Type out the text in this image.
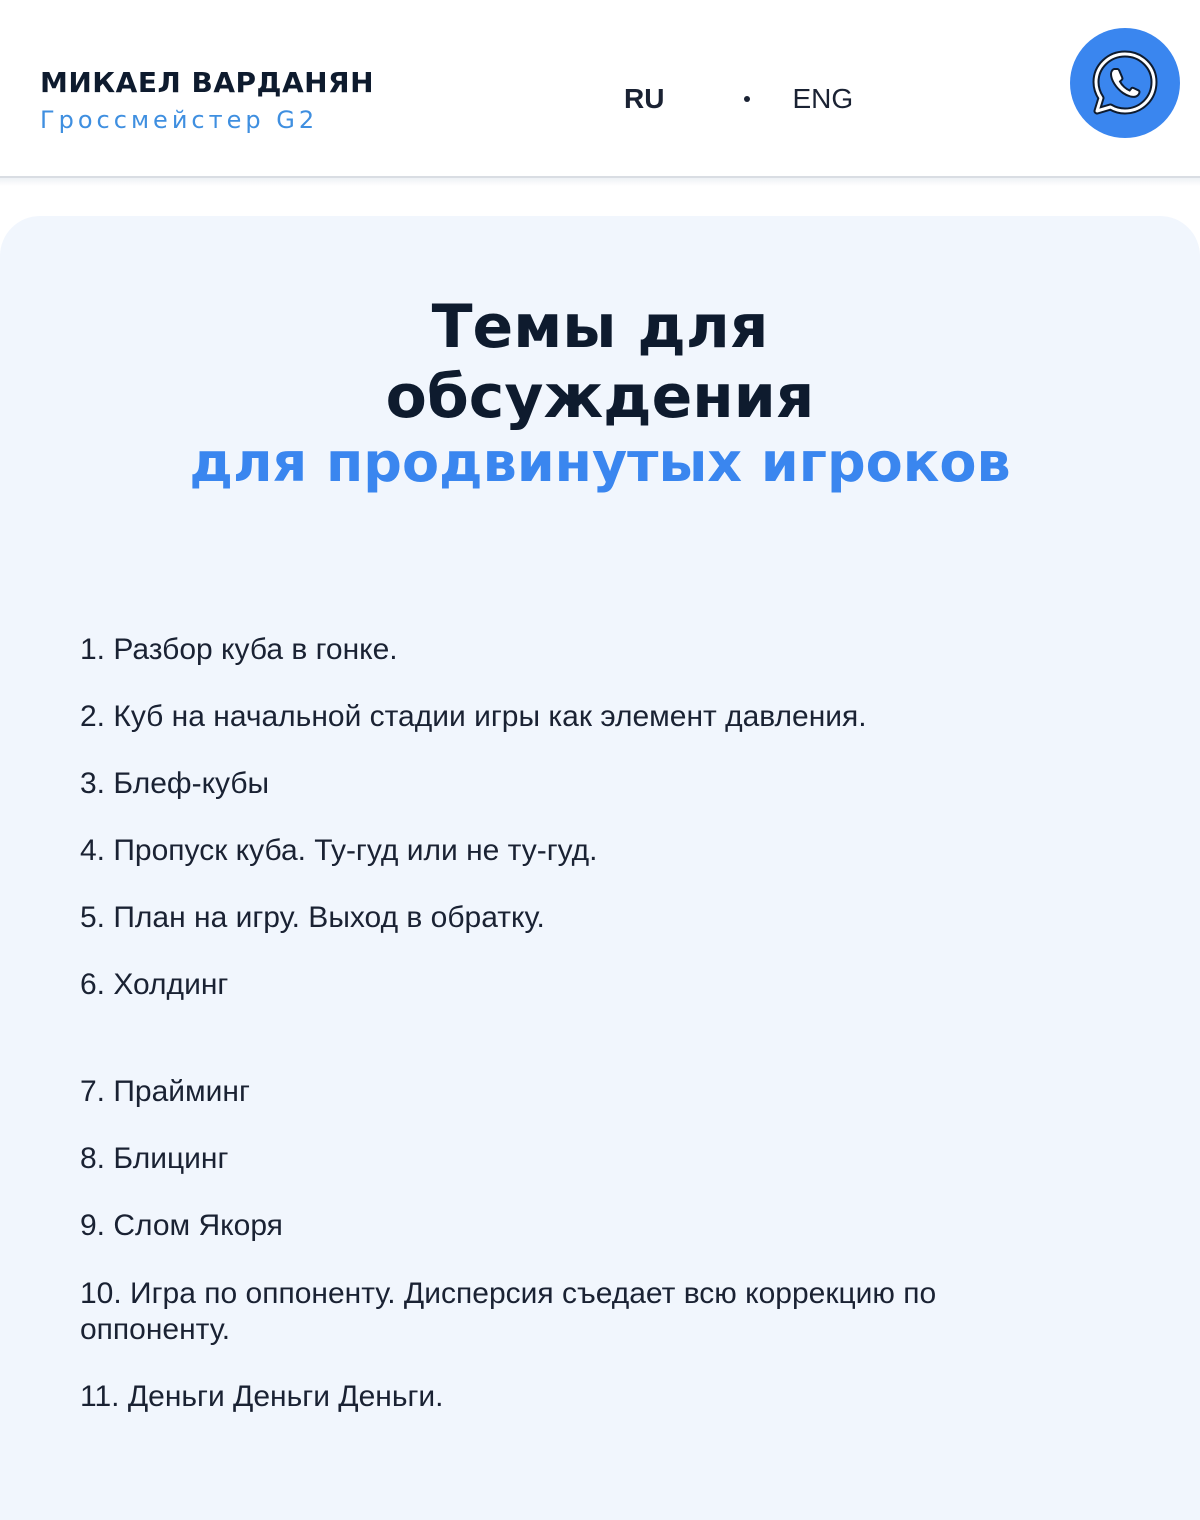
МИКАЕЛ ВАРДАНЯН
Гроссмейстер G2
RU	ENG
Темы для
обсуждения
для продвинутых игроков
1. Разбор куба в гонке.
2. Куб на начальной стадии игры как элемент давления.
3. Блеф-кубы
4. Пропуск куба. Ту-гуд или не ту-гуд.
5. План на игру. Выход в обратку.
6. Холдинг
7. Прайминг
8. Блицинг
9. Слом Якоря
10. Игра по оппоненту. Дисперсия съедает всю коррекцию по оппоненту.
11. Деньги Деньги Деньги.
